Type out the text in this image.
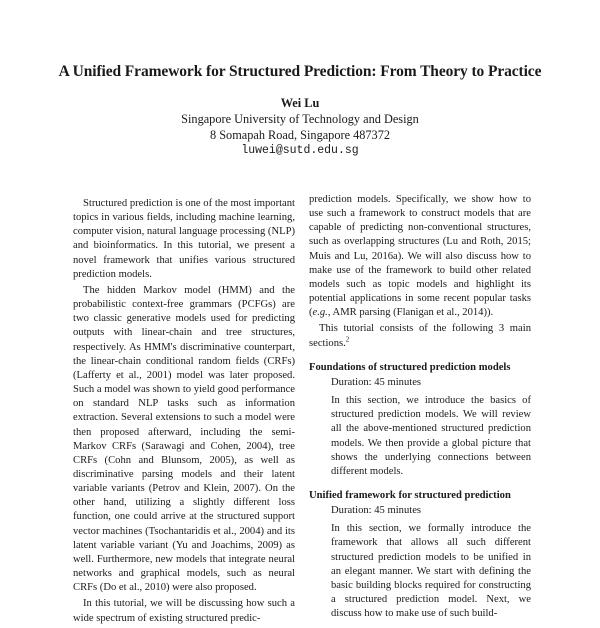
A Unified Framework for Structured Prediction: From Theory to Practice
Wei Lu
Singapore University of Technology and Design
8 Somapah Road, Singapore 487372
luwei@sutd.edu.sg

Structured prediction is one of the most important topics in various fields, including machine learning, computer vision, natural language processing (NLP) and bioinformatics. In this tutorial, we present a novel framework that unifies various structured prediction models.

The hidden Markov model (HMM) and the probabilistic context-free grammars (PCFGs) are two classic generative models used for predicting outputs with linear-chain and tree structures, respectively. As HMM's discriminative counterpart, the linear-chain conditional random fields (CRFs) (Lafferty et al., 2001) model was later proposed. Such a model was shown to yield good performance on standard NLP tasks such as information extraction. Several extensions to such a model were then proposed afterward, including the semi-Markov CRFs (Sarawagi and Cohen, 2004), tree CRFs (Cohn and Blunsom, 2005), as well as discriminative parsing models and their latent variable variants (Petrov and Klein, 2007). On the other hand, utilizing a slightly different loss function, one could arrive at the structured support vector machines (Tsochantaridis et al., 2004) and its latent variable variant (Yu and Joachims, 2009) as well. Furthermore, new models that integrate neural networks and graphical models, such as neural CRFs (Do et al., 2010) were also proposed.

In this tutorial, we will be discussing how such a wide spectrum of existing structured predic-

prediction models. Specifically, we show how to use such a framework to construct models that are capable of predicting non-conventional structures, such as overlapping structures (Lu and Roth, 2015; Muis and Lu, 2016a). We will also discuss how to make use of the framework to build other related models such as topic models and highlight its potential applications in some recent popular tasks (e.g., AMR parsing (Flanigan et al., 2014)).

This tutorial consists of the following 3 main sections.$^2$

Foundations of structured prediction models
Duration: 45 minutes
In this section, we introduce the basics of structured prediction models. We will review all the above-mentioned structured prediction models. We then provide a global picture that shows the underlying connections between different models.
Unified framework for structured prediction
Duration: 45 minutes
In this section, we formally introduce the framework that allows all such different structured prediction models to be unified in an elegant manner. We start with defining the basic building blocks required for constructing a structured prediction model. Next, we discuss how to make use of such build-
